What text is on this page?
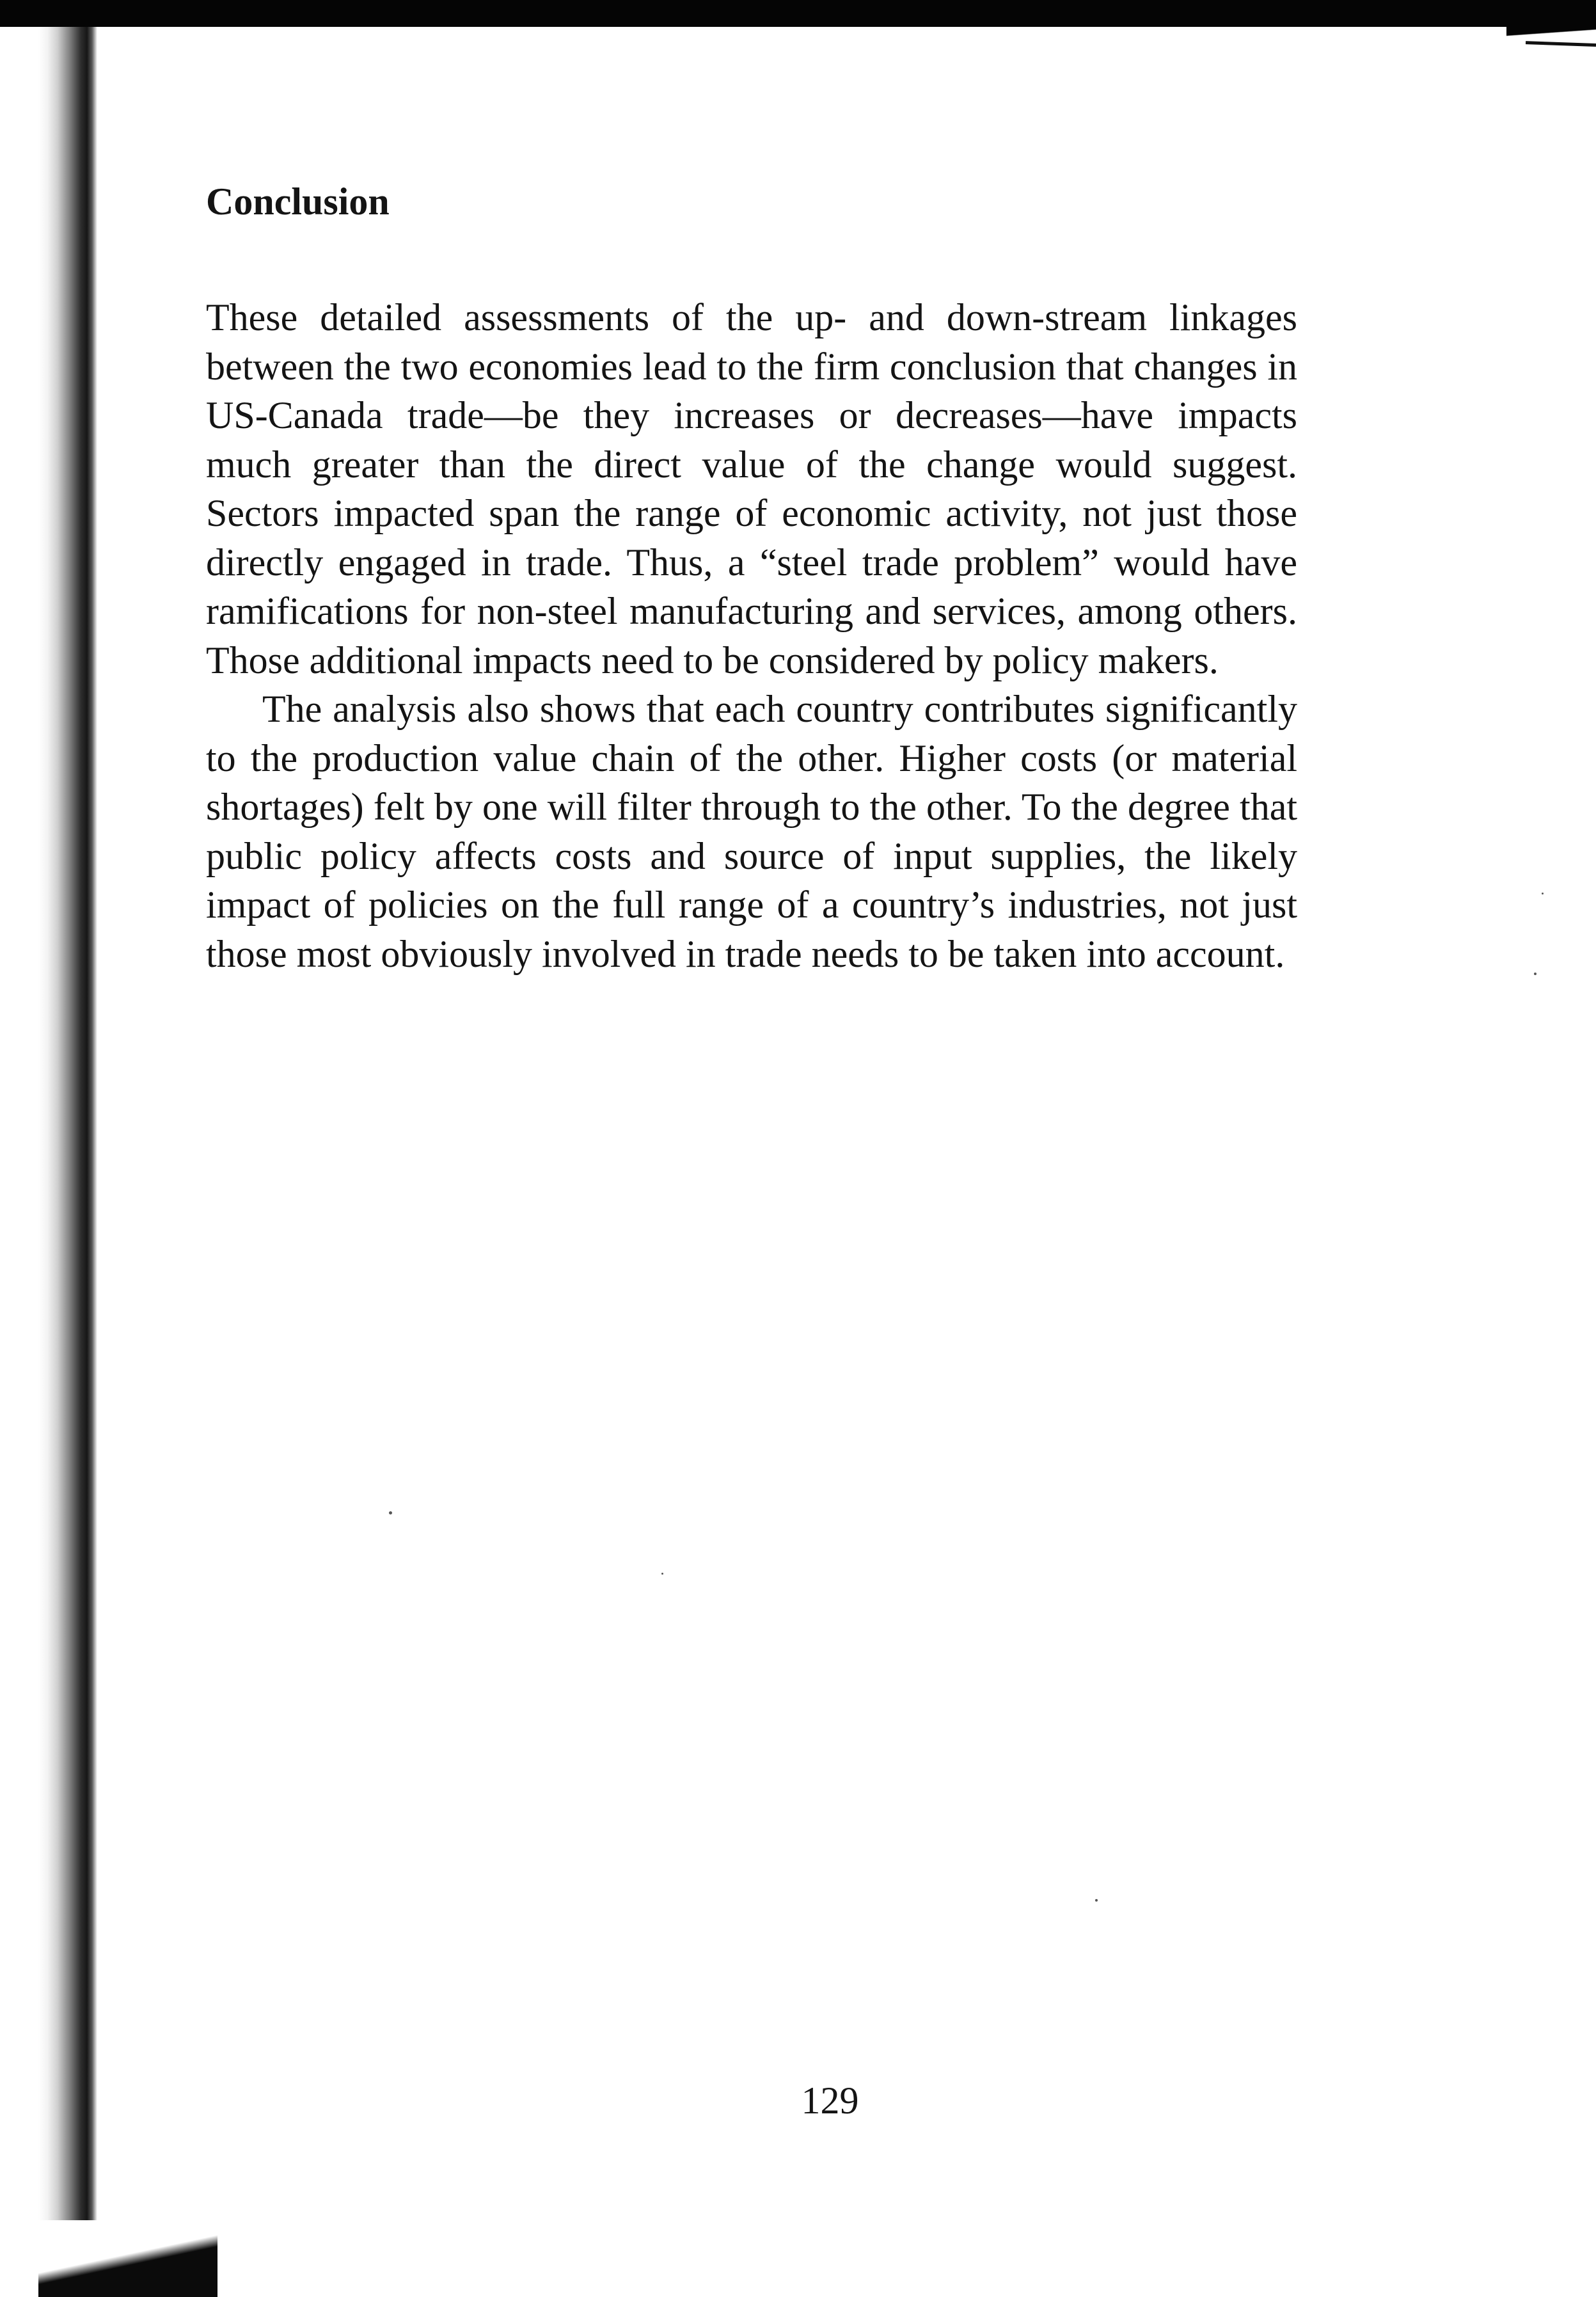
Conclusion

These detailed assessments of the up- and down-stream linkages between the two economies lead to the firm conclusion that changes in US-Canada trade—be they increases or decreases—have impacts much greater than the direct value of the change would suggest. Sectors impacted span the range of economic activity, not just those directly engaged in trade. Thus, a “steel trade problem” would have ramifications for non-steel manufacturing and services, among others. Those additional impacts need to be considered by policy makers.

The analysis also shows that each country contributes significantly to the production value chain of the other. Higher costs (or material shortages) felt by one will filter through to the other. To the degree that public policy affects costs and source of input supplies, the likely impact of policies on the full range of a country’s industries, not just those most obviously involved in trade needs to be taken into account.

129
